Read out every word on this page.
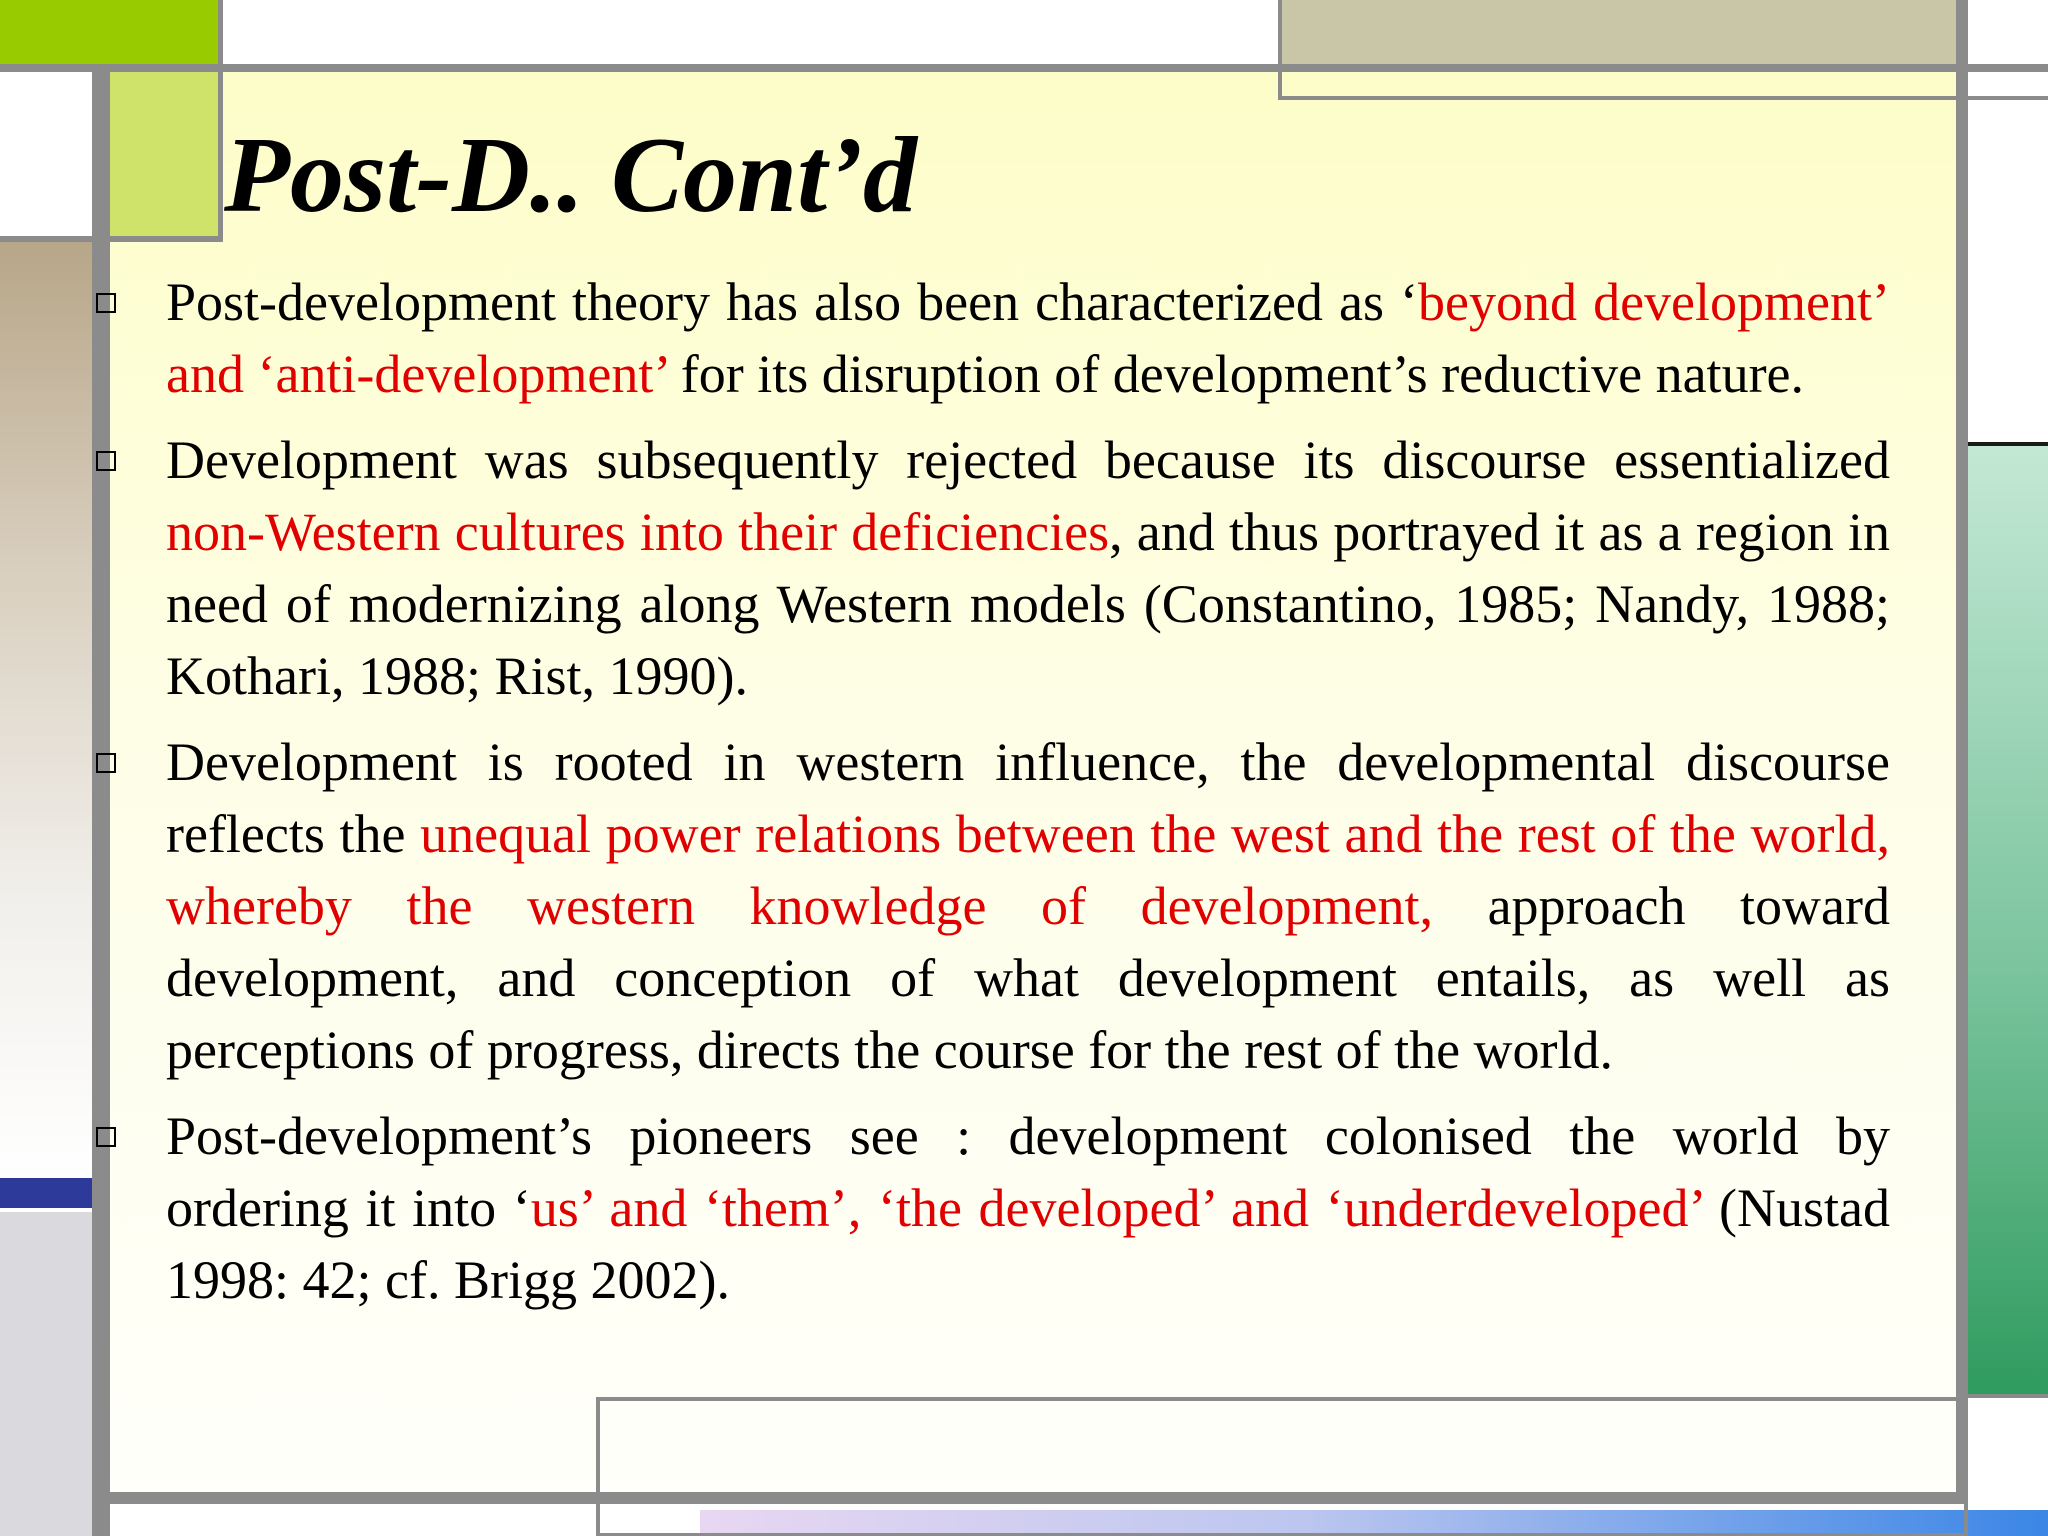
Post-D.. Cont’d
Post-development theory has also been characterized as ‘beyond development’ and ‘anti-development’ for its disruption of development’s reductive nature.
Development was subsequently rejected because its discourse essentialized non-Western cultures into their deficiencies, and thus portrayed it as a region in need of modernizing along Western models (Constantino, 1985; Nandy, 1988; Kothari, 1988; Rist, 1990).
Development is rooted in western influence, the developmental discourse reflects the unequal power relations between the west and the rest of the world, whereby the western knowledge of development, approach toward development, and conception of what development entails, as well as perceptions of progress, directs the course for the rest of the world.
Post-development’s pioneers see : development colonised the world by ordering it into ‘us’ and ‘them’, ‘the developed’ and ‘underdeveloped’ (Nustad 1998: 42; cf. Brigg 2002).
